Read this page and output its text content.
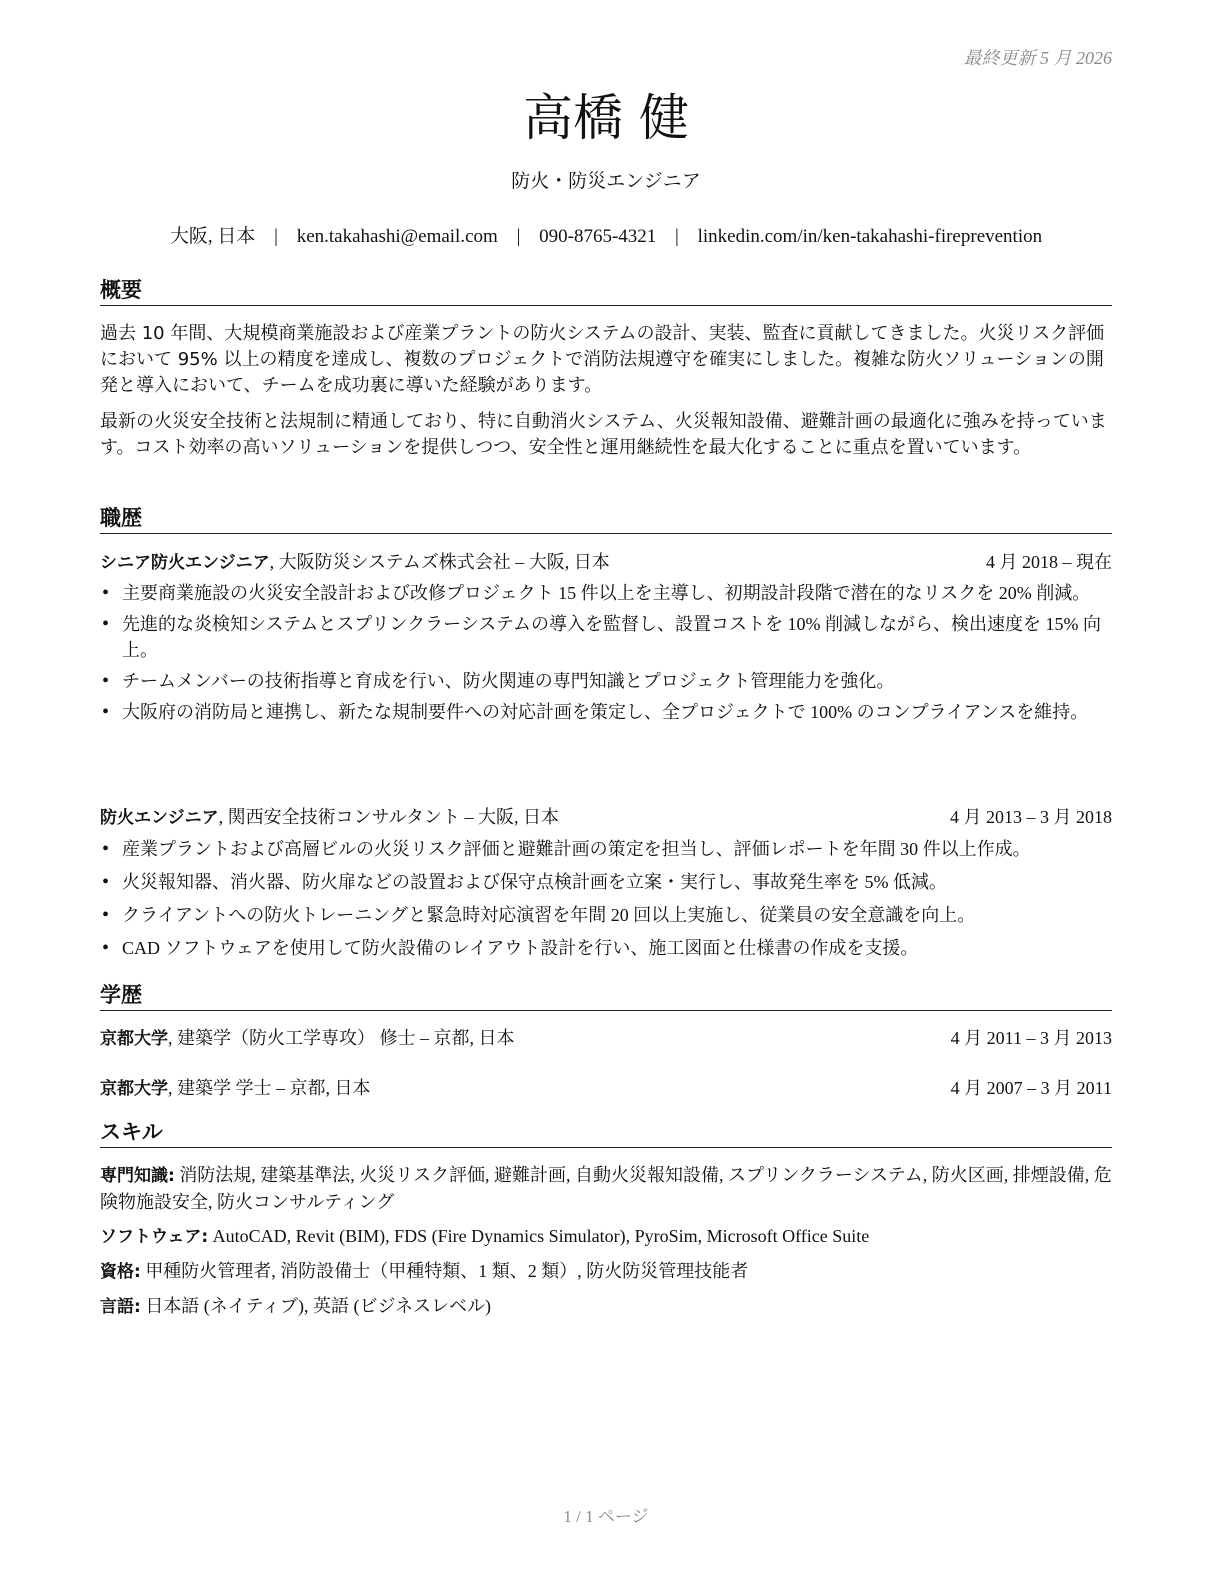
最終更新 5 月 2026
高橋 健
防火・防災エンジニア
大阪, 日本 | ken.takahashi@email.com | 090-8765-4321 | linkedin.com/in/ken-takahashi-fireprevention
概要
過去 10 年間、大規模商業施設および産業プラントの防火システムの設計、実装、監査に貢献してきました。火災リスク評価において 95% 以上の精度を達成し、複数のプロジェクトで消防法規遵守を確実にしました。複雑な防火ソリューションの開発と導入において、チームを成功裏に導いた経験があります。
最新の火災安全技術と法規制に精通しており、特に自動消火システム、火災報知設備、避難計画の最適化に強みを持っています。コスト効率の高いソリューションを提供しつつ、安全性と運用継続性を最大化することに重点を置いています。
職歴
シニア防火エンジニア, 大阪防災システムズ株式会社 – 大阪, 日本	4 月 2018 – 現在
• 主要商業施設の火災安全設計および改修プロジェクト 15 件以上を主導し、初期設計段階で潜在的なリスクを 20% 削減。
• 先進的な炎検知システムとスプリンクラーシステムの導入を監督し、設置コストを 10% 削減しながら、検出速度を 15% 向上。
• チームメンバーの技術指導と育成を行い、防火関連の専門知識とプロジェクト管理能力を強化。
• 大阪府の消防局と連携し、新たな規制要件への対応計画を策定し、全プロジェクトで 100% のコンプライアンスを維持。
防火エンジニア, 関西安全技術コンサルタント – 大阪, 日本	4 月 2013 – 3 月 2018
• 産業プラントおよび高層ビルの火災リスク評価と避難計画の策定を担当し、評価レポートを年間 30 件以上作成。
• 火災報知器、消火器、防火扉などの設置および保守点検計画を立案・実行し、事故発生率を 5% 低減。
• クライアントへの防火トレーニングと緊急時対応演習を年間 20 回以上実施し、従業員の安全意識を向上。
• CAD ソフトウェアを使用して防火設備のレイアウト設計を行い、施工図面と仕様書の作成を支援。
学歴
京都大学, 建築学（防火工学専攻） 修士 – 京都, 日本	4 月 2011 – 3 月 2013
京都大学, 建築学 学士 – 京都, 日本	4 月 2007 – 3 月 2011
スキル
専門知識: 消防法規, 建築基準法, 火災リスク評価, 避難計画, 自動火災報知設備, スプリンクラーシステム, 防火区画, 排煙設備, 危険物施設安全, 防火コンサルティング
ソフトウェア: AutoCAD, Revit (BIM), FDS (Fire Dynamics Simulator), PyroSim, Microsoft Office Suite
資格: 甲種防火管理者, 消防設備士（甲種特類、1 類、2 類）, 防火防災管理技能者
言語: 日本語 (ネイティブ), 英語 (ビジネスレベル)
1 / 1 ページ
